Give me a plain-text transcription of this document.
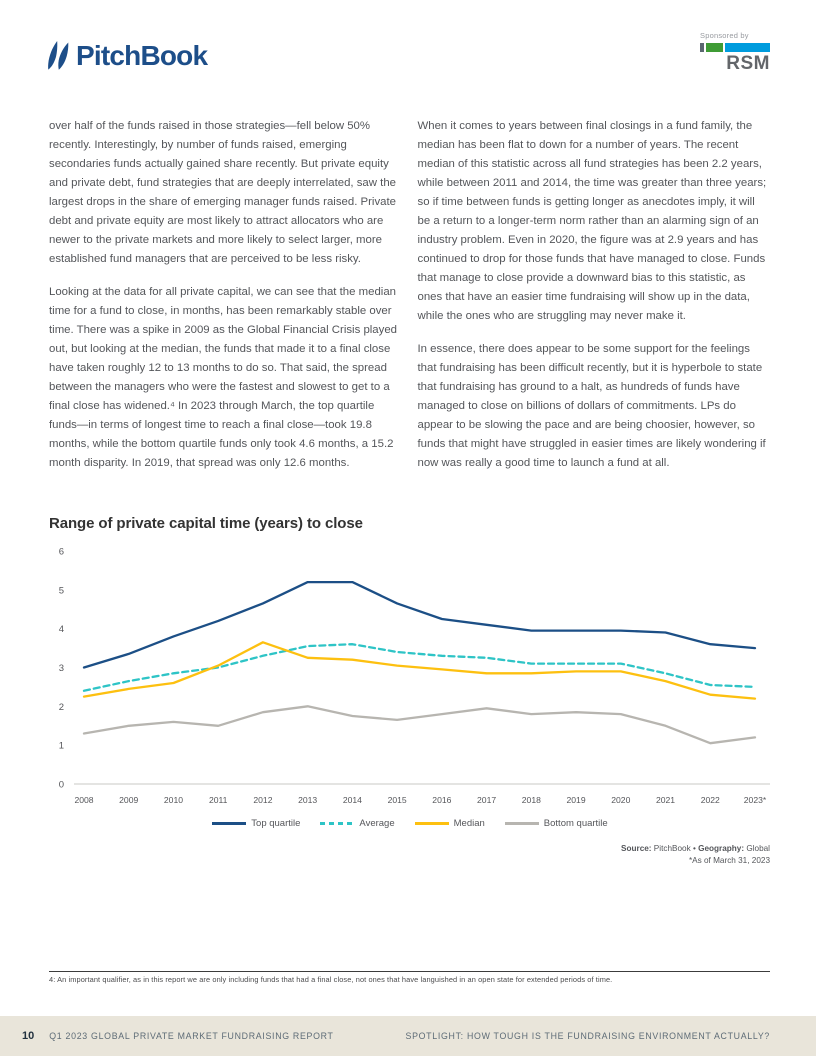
PitchBook
Sponsored by
RSM

over half of the funds raised in those strategies—fell below 50% recently. Interestingly, by number of funds raised, emerging secondaries funds actually gained share recently. But private equity and private debt, fund strategies that are deeply interrelated, saw the largest drops in the share of emerging manager funds raised. Private debt and private equity are most likely to attract allocators who are newer to the private markets and more likely to select larger, more established fund managers that are perceived to be less risky.

Looking at the data for all private capital, we can see that the median time for a fund to close, in months, has been remarkably stable over time. There was a spike in 2009 as the Global Financial Crisis played out, but looking at the median, the funds that made it to a final close have taken roughly 12 to 13 months to do so. That said, the spread between the managers who were the fastest and slowest to get to a final close has widened.⁴ In 2023 through March, the top quartile funds—in terms of longest time to reach a final close—took 19.8 months, while the bottom quartile funds only took 4.6 months, a 15.2 month disparity. In 2019, that spread was only 12.6 months.

When it comes to years between final closings in a fund family, the median has been flat to down for a number of years. The recent median of this statistic across all fund strategies has been 2.2 years, while between 2011 and 2014, the time was greater than three years; so if time between funds is getting longer as anecdotes imply, it will be a return to a longer-term norm rather than an alarming sign of an industry problem. Even in 2020, the figure was at 2.9 years and has continued to drop for those funds that have managed to close. Funds that manage to close provide a downward bias to this statistic, as ones that have an easier time fundraising will show up in the data, while the ones who are struggling may never make it.

In essence, there does appear to be some support for the feelings that fundraising has been difficult recently, but it is hyperbole to state that fundraising has ground to a halt, as hundreds of funds have managed to close on billions of dollars of commitments. LPs do appear to be slowing the pace and are being choosier, however, so funds that might have struggled in easier times are likely wondering if now was really a good time to launch a fund at all.

Range of private capital time (years) to close
0
1
2
3
4
5
6
2008	2009	2010	2011	2012	2013	2014	2015	2016	2017	2018	2019	2020	2021	2022	2023*
Top quartile	Average	Median	Bottom quartile
Source: PitchBook • Geography: Global
*As of March 31, 2023

4: An important qualifier, as in this report we are only including funds that had a final close, not ones that have languished in an open state for extended periods of time.

10 Q1 2023 GLOBAL PRIVATE MARKET FUNDRAISING REPORT	SPOTLIGHT: HOW TOUGH IS THE FUNDRAISING ENVIRONMENT ACTUALLY?
